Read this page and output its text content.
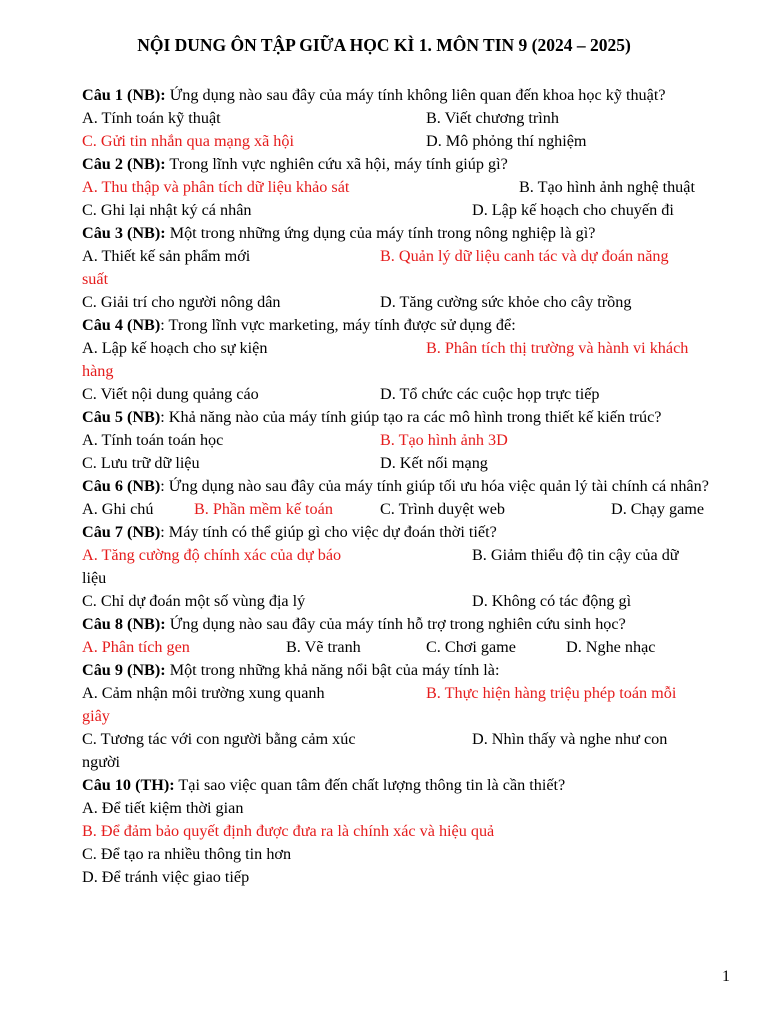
NỘI DUNG ÔN TẬP GIỮA HỌC KÌ 1. MÔN TIN 9 (2024 – 2025)

Câu 1 (NB): Ứng dụng nào sau đây của máy tính không liên quan đến khoa học kỹ thuật?

A. Tính toán kỹ thuật	B. Viết chương trình
C. Gửi tin nhắn qua mạng xã hội	D. Mô phỏng thí nghiệm

Câu 2 (NB): Trong lĩnh vực nghiên cứu xã hội, máy tính giúp gì?

A. Thu thập và phân tích dữ liệu khảo sát	B. Tạo hình ảnh nghệ thuật
C. Ghi lại nhật ký cá nhân	D. Lập kế hoạch cho chuyến đi

Câu 3 (NB): Một trong những ứng dụng của máy tính trong nông nghiệp là gì?

A. Thiết kế sản phẩm mới	B. Quản lý dữ liệu canh tác và dự đoán năng
suất
C. Giải trí cho người nông dân	D. Tăng cường sức khỏe cho cây trồng

Câu 4 (NB): Trong lĩnh vực marketing, máy tính được sử dụng để:

A. Lập kế hoạch cho sự kiện	B. Phân tích thị trường và hành vi khách
hàng
C. Viết nội dung quảng cáo	D. Tổ chức các cuộc họp trực tiếp

Câu 5 (NB): Khả năng nào của máy tính giúp tạo ra các mô hình trong thiết kế kiến trúc?

A. Tính toán toán học	B. Tạo hình ảnh 3D
C. Lưu trữ dữ liệu	D. Kết nối mạng

Câu 6 (NB): Ứng dụng nào sau đây của máy tính giúp tối ưu hóa việc quản lý tài chính cá nhân?

A. Ghi chú	B. Phần mềm kế toán	C. Trình duyệt web	D. Chạy game

Câu 7 (NB): Máy tính có thể giúp gì cho việc dự đoán thời tiết?

A. Tăng cường độ chính xác của dự báo	B. Giảm thiểu độ tin cậy của dữ
liệu
C. Chỉ dự đoán một số vùng địa lý	D. Không có tác động gì

Câu 8 (NB): Ứng dụng nào sau đây của máy tính hỗ trợ trong nghiên cứu sinh học?

A. Phân tích gen	B. Vẽ tranh	C. Chơi game	D. Nghe nhạc

Câu 9 (NB): Một trong những khả năng nổi bật của máy tính là:

A. Cảm nhận môi trường xung quanh	B. Thực hiện hàng triệu phép toán mỗi
giây
C. Tương tác với con người bằng cảm xúc	D. Nhìn thấy và nghe như con
người

Câu 10 (TH): Tại sao việc quan tâm đến chất lượng thông tin là cần thiết?

A. Để tiết kiệm thời gian
B. Để đảm bảo quyết định được đưa ra là chính xác và hiệu quả
C. Để tạo ra nhiều thông tin hơn
D. Để tránh việc giao tiếp
1
